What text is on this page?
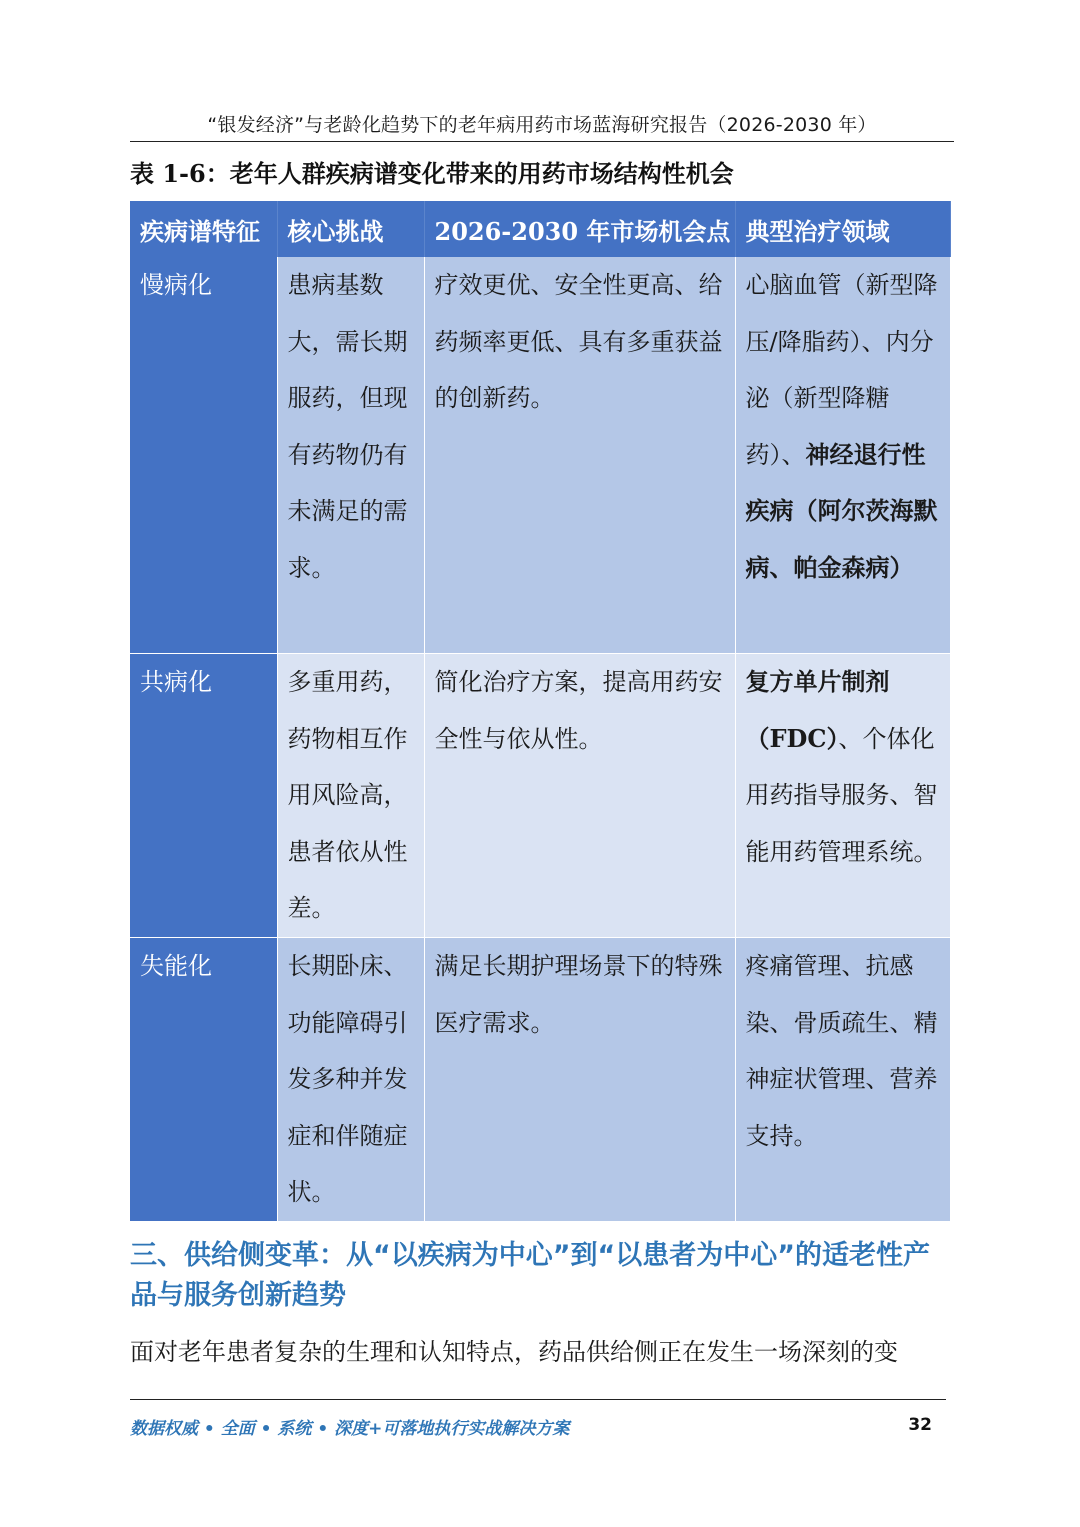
“银发经济”与老龄化趋势下的老年病用药市场蓝海研究报告（2026-2030 年）
表 1-6：老年人群疾病谱变化带来的用药市场结构性机会
疾病谱特征	核心挑战	2026-2030 年市场机会点	典型治疗领域
慢病化	患病基数大，需长期服药，但现有药物仍有未满足的需求。	疗效更优、安全性更高、给药频率更低、具有多重获益的创新药。	心脑血管（新型降压/降脂药）、内分泌（新型降糖药）、神经退行性疾病（阿尔茨海默病、帕金森病）
共病化	多重用药，药物相互作用风险高，患者依从性差。	简化治疗方案，提高用药安全性与依从性。	复方单片制剂（FDC）、个体化用药指导服务、智能用药管理系统。
失能化	长期卧床、功能障碍引发多种并发症和伴随症状。	满足长期护理场景下的特殊医疗需求。	疼痛管理、抗感染、骨质疏生、精神症状管理、营养支持。
三、供给侧变革：从“以疾病为中心”到“以患者为中心”的适老性产品与服务创新趋势
面对老年患者复杂的生理和认知特点，药品供给侧正在发生一场深刻的变
数据权威 • 全面 • 系统 • 深度+可落地执行实战解决方案	32
